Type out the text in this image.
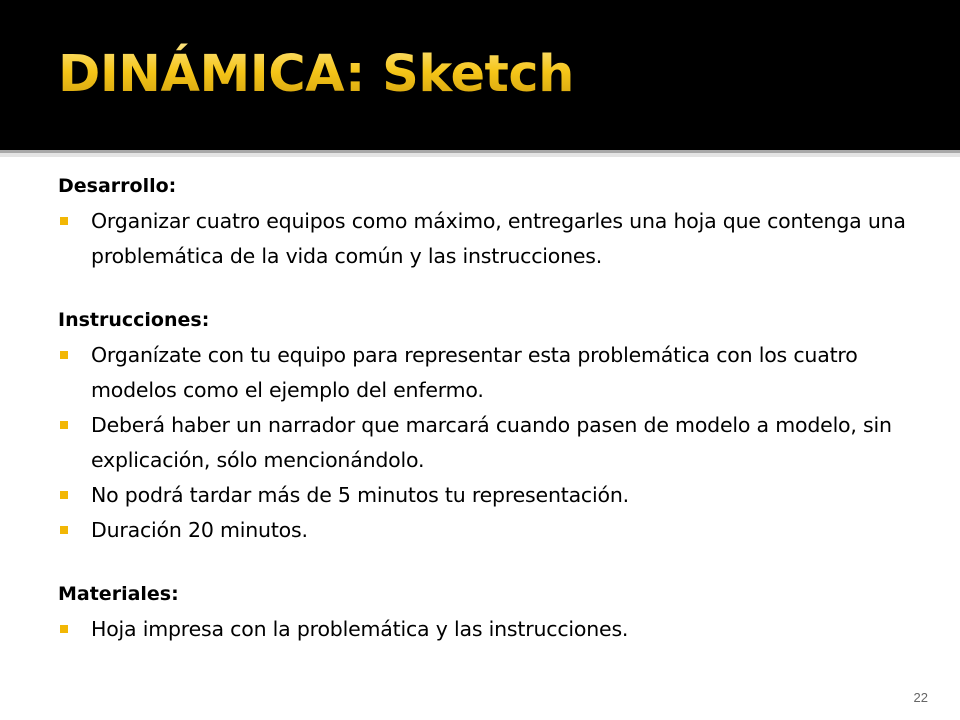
DINÁMICA: Sketch

Desarrollo:

Organizar cuatro equipos como máximo, entregarles una hoja que contenga una problemática de la vida común y las instrucciones.

Instrucciones:

Organízate con tu equipo para representar esta problemática con los cuatro modelos como el ejemplo del enfermo.
Deberá haber un narrador que marcará cuando pasen de modelo a modelo, sin explicación, sólo mencionándolo.
No podrá tardar más de 5 minutos tu representación.
Duración 20 minutos.

Materiales:

Hoja impresa con la problemática y las instrucciones.
22
